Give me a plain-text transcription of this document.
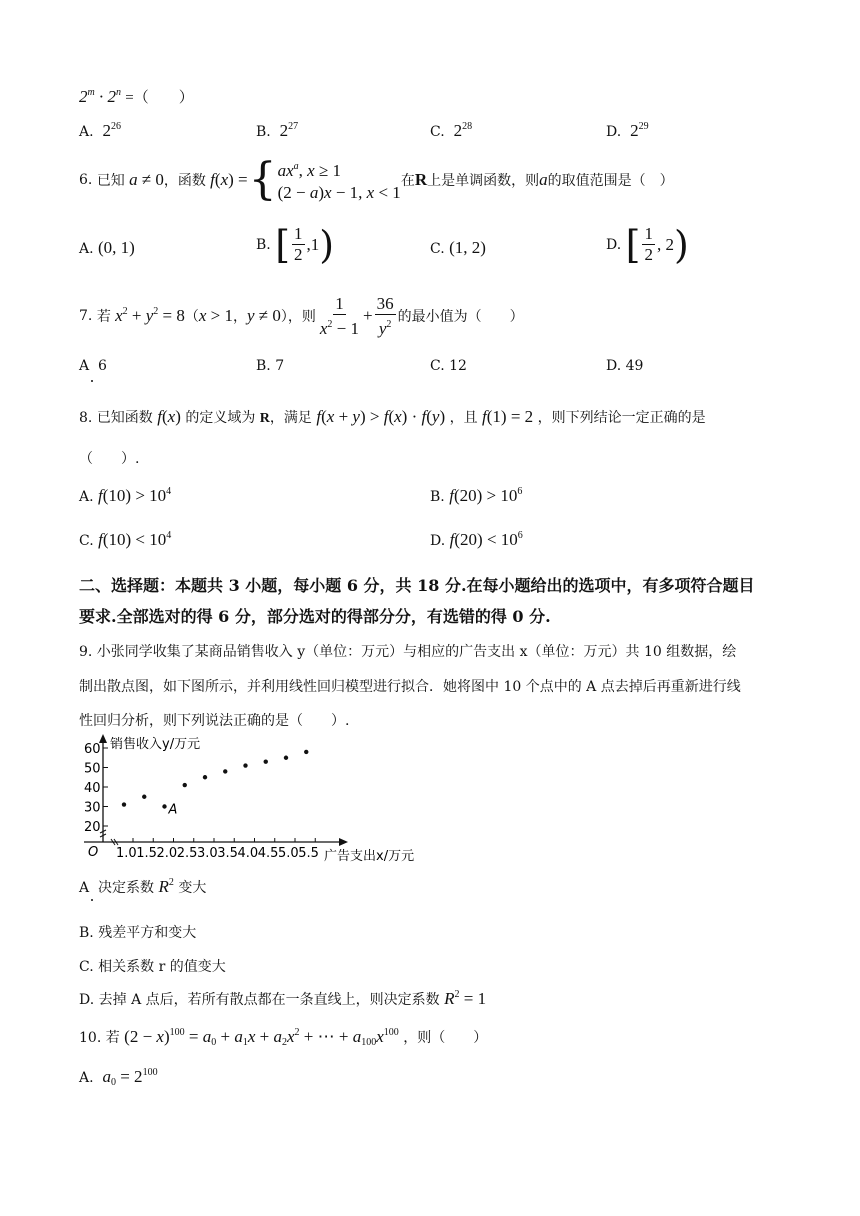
$2^m \cdot 2^n$ =（　　）
A. $2^{26}$	B. $2^{27}$	C. $2^{28}$	D. $2^{29}$
6.
已知 a ≠ 0 ，函数 f(x) = { $ax^a$, x ≥ 1
(2 − a)x − 1, x < 1
在 R 上是单调函数，则 a 的取值范围是（　）
A. (0, 1)	B.
[ $\frac{1}{2} ,1$ )	C. (1, 2)	D.
[ $\frac{1}{2}$ , 2 )
7.
若 $x^2 + y^2 = 8$ （ x > 1 ， y ≠ 0 ），则 $\frac{1}{x^2 - 1} + \frac{36}{y^2}$ 的最小值为（　　）
A 6	B. 7	C. 12	D. 49
8. 已知函数 f(x) 的定义域为 R，满足 f(x + y) > f(x) · f(y) ，且 f(1) = 2 ，则下列结论一定正确的是
（　　）.
A. $f(10) > 10^4$	B. $f(20) > 10^6$
C. $f(10) < 10^4$	D. $f(20) < 10^6$
二、选择题：本题共 3 小题，每小题 6 分，共 18 分.在每小题给出的选项中，有多项符合题目
要求.全部选对的得 6 分，部分选对的得部分分，有选错的得 0 分.
9. 小张同学收集了某商品销售收入 y（单位：万元）与相应的广告支出 x（单位：万元）共 10 组数据，绘
制出散点图，如下图所示，并利用线性回归模型进行拟合．她将图中 10 个点中的 A 点去掉后再重新进行线
性回归分析，则下列说法正确的是（　　）.
销售收入y/万元
广告支出x/万元
O
20
30
40
50
60
1.0 1.5 2.0 2.5 3.0 3.5 4.0 4.5 5.0 5.5
A
A 决定系数 $R^2$ 变大
B. 残差平方和变大
C. 相关系数 r 的值变大
D. 去掉 A 点后，若所有散点都在一条直线上，则决定系数 $R^2 = 1$
10. 若 $(2 - x)^{100} = a_0 + a_1x + a_2x^2$ + ⋯ + $a_{100}x^{100}$ ，则（　　）
A. $a_0 = 2^{100}$
